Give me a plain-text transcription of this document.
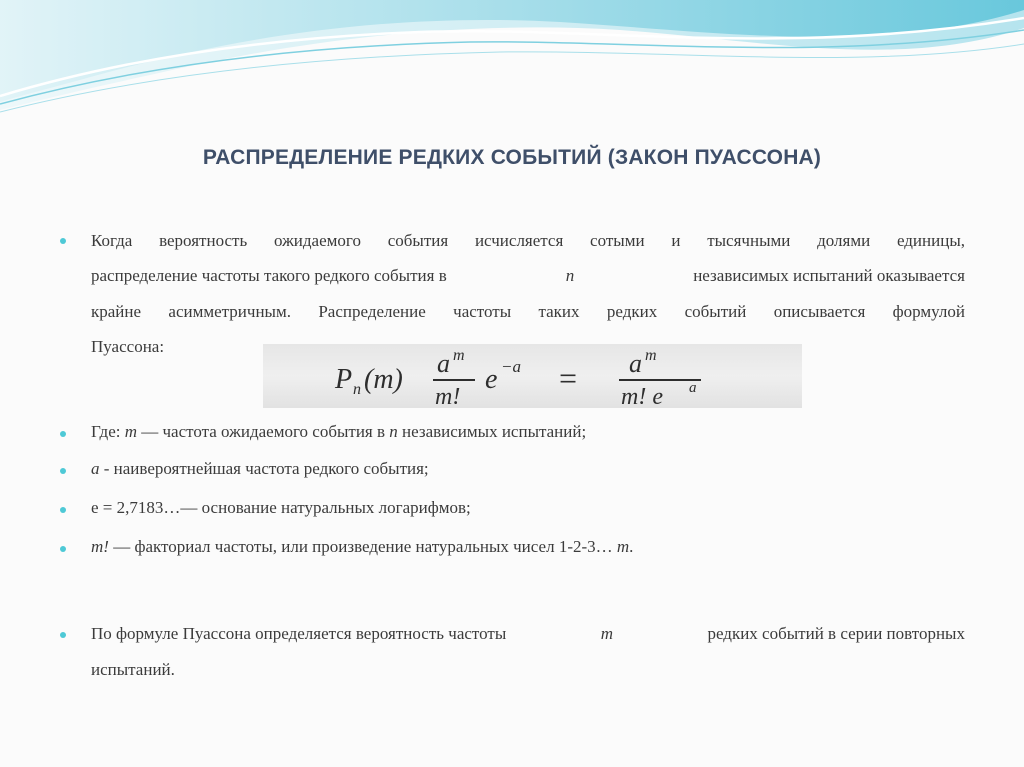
РАСПРЕДЕЛЕНИЕ РЕДКИХ СОБЫТИЙ (ЗАКОН ПУАССОНА)
Когда вероятность ожидаемого события исчисляется сотыми и тысячными долями единицы,
распределение частоты такого редкого события в	n	независимых испытаний оказывается
крайне асимметричным. Распределение частоты таких редких событий описывается формулой
Пуассона:
P n (m)
a m
m!
e −a = a m
m! e a
Где: m — частота ожидаемого события в n независимых испытаний;
a - наивероятнейшая частота редкого события;
е = 2,7183…— основание натуральных логарифмов;
m! — факториал частоты, или произведение натуральных чисел 1-2-3… m.
По формуле Пуассона определяется вероятность частоты	m	редких событий в серии повторных
испытаний.
